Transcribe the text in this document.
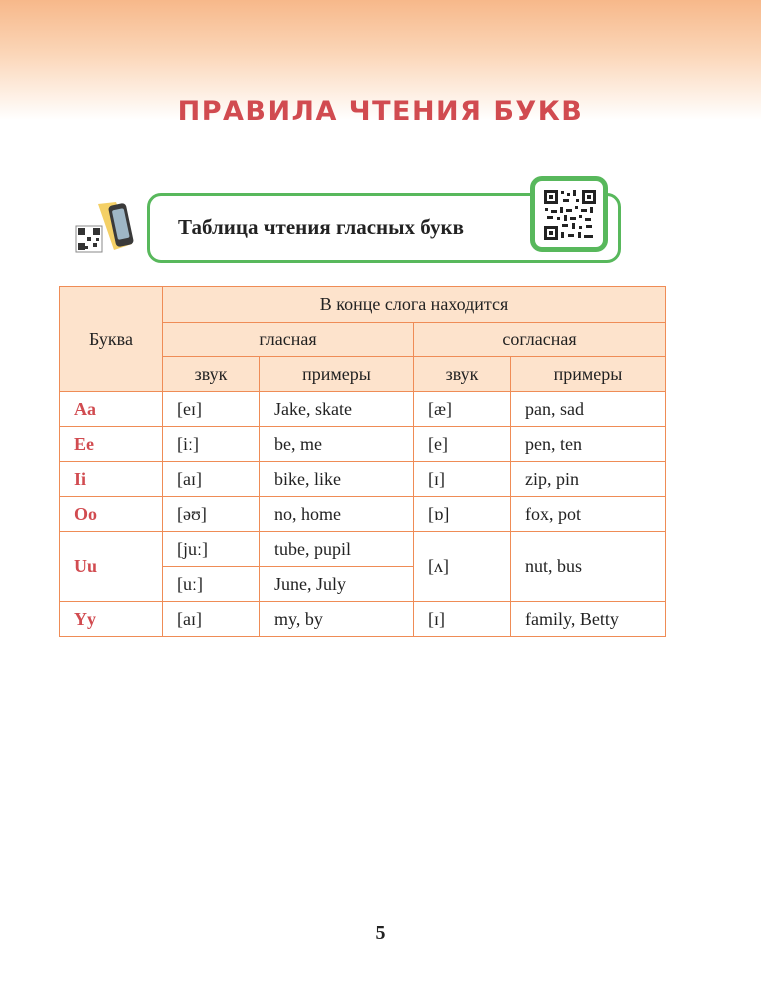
ПРАВИЛА ЧТЕНИЯ БУКВ
Таблица чтения гласных букв
Буква	В конце слога находится			
	гласная		согласная	
	звук	примеры	звук	примеры
Aa	[eɪ]	Jake, skate	[æ]	pan, sad
Ee	[iː]	be, me	[e]	pen, ten
Ii	[aɪ]	bike, like	[ɪ]	zip, pin
Oo	[əʊ]	no, home	[ɒ]	fox, pot
Uu	[juː]	tube, pupil	[ʌ]	nut, bus
	[uː]	June, July		
Yy	[aɪ]	my, by	[ɪ]	family, Betty
5
